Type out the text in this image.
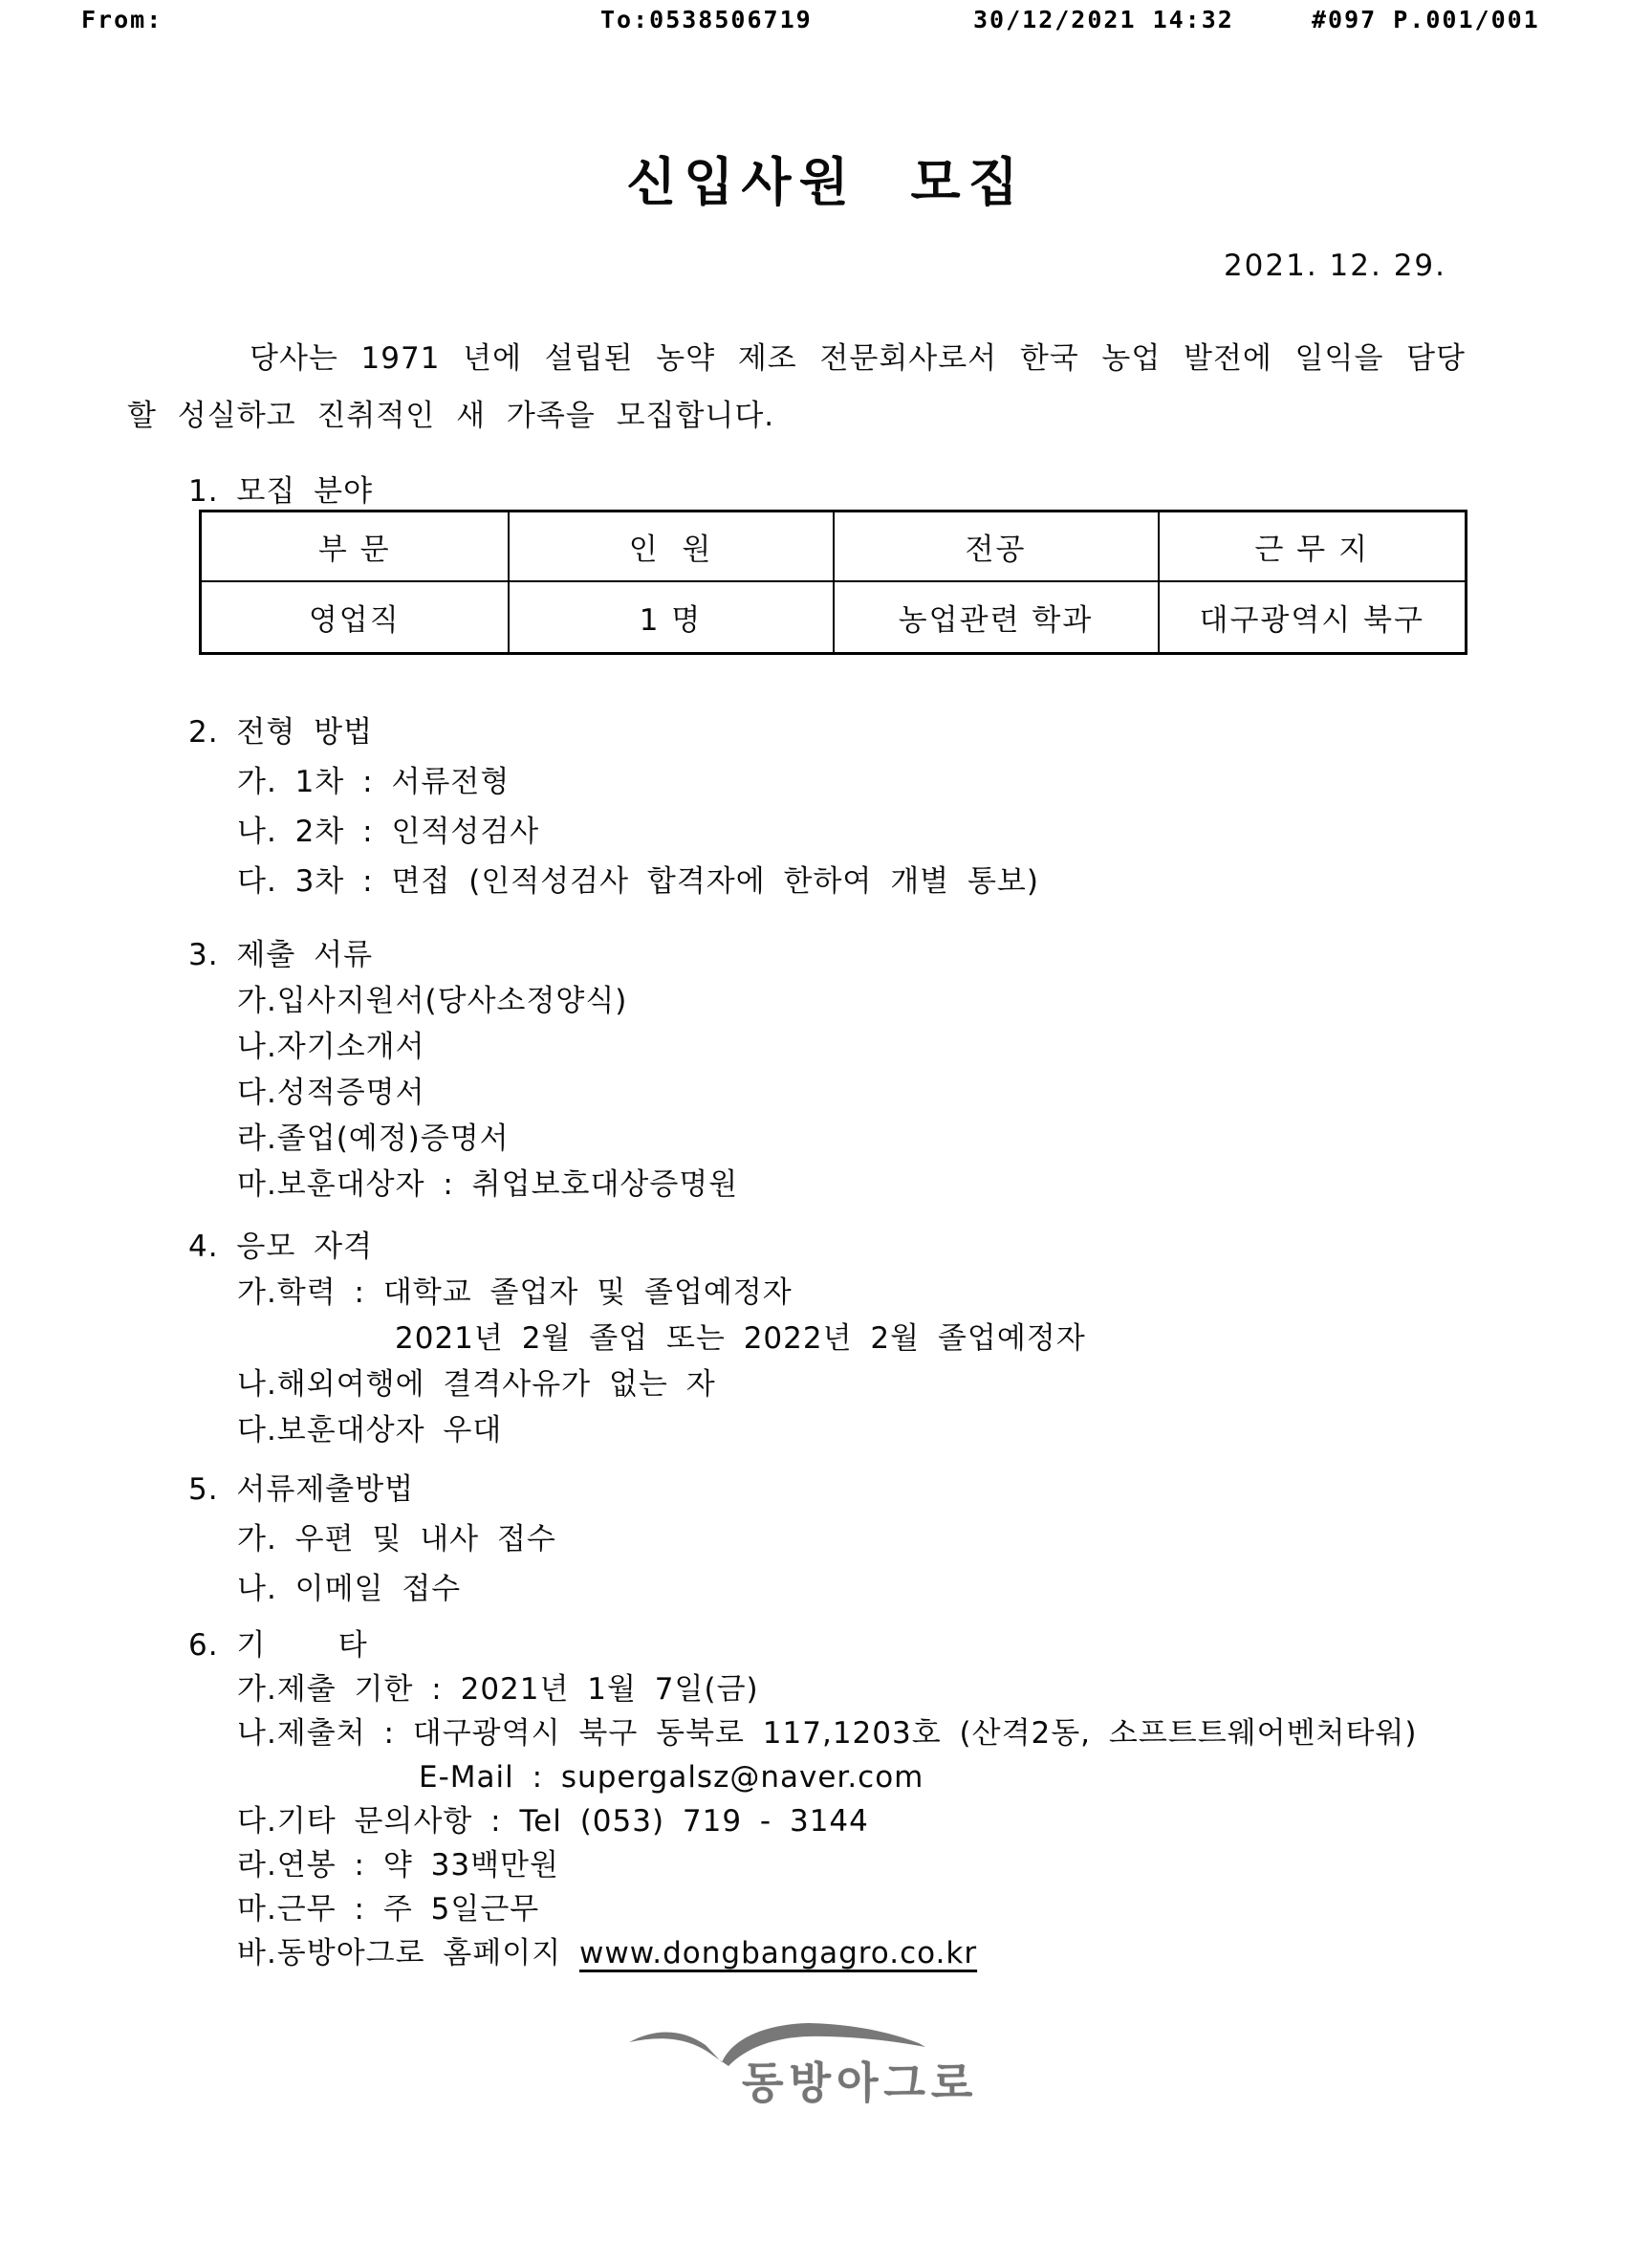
From:	To:0538506719	30/12/2021 14:32	#097 P.001/001
신입사원 모집
2021. 12. 29.
당사는 1971 년에 설립된 농약 제조 전문회사로서 한국 농업 발전에 일익을 담당할 성실하고 진취적인 새 가족을 모집합니다.
1. 모집 분야
부 문	인  원	전공	근 무 지
영업직	1 명	농업관련 학과	대구광역시 북구
2. 전형 방법
가. 1차 : 서류전형
나. 2차 : 인적성검사
다. 3차 : 면접 (인적성검사 합격자에 한하여 개별 통보)
3. 제출 서류
가.입사지원서(당사소정양식)
나.자기소개서
다.성적증명서
라.졸업(예정)증명서
마.보훈대상자 : 취업보호대상증명원
4. 응모 자격
가.학력 : 대학교 졸업자 및 졸업예정자
2021년 2월 졸업 또는 2022년 2월 졸업예정자
나.해외여행에 결격사유가 없는 자
다.보훈대상자 우대
5. 서류제출방법
가. 우편 및 내사 접수
나. 이메일 접수
6. 기    타
가.제출 기한 : 2021년 1월 7일(금)
나.제출처 : 대구광역시 북구 동북로 117,1203호 (산격2동, 소프트트웨어벤처타워)
E-Mail : supergalsz@naver.com
다.기타 문의사항 : Tel (053) 719 - 3144
라.연봉 : 약 33백만원
마.근무 : 주 5일근무
바.동방아그로 홈페이지 www.dongbangagro.co.kr
동방아그로
